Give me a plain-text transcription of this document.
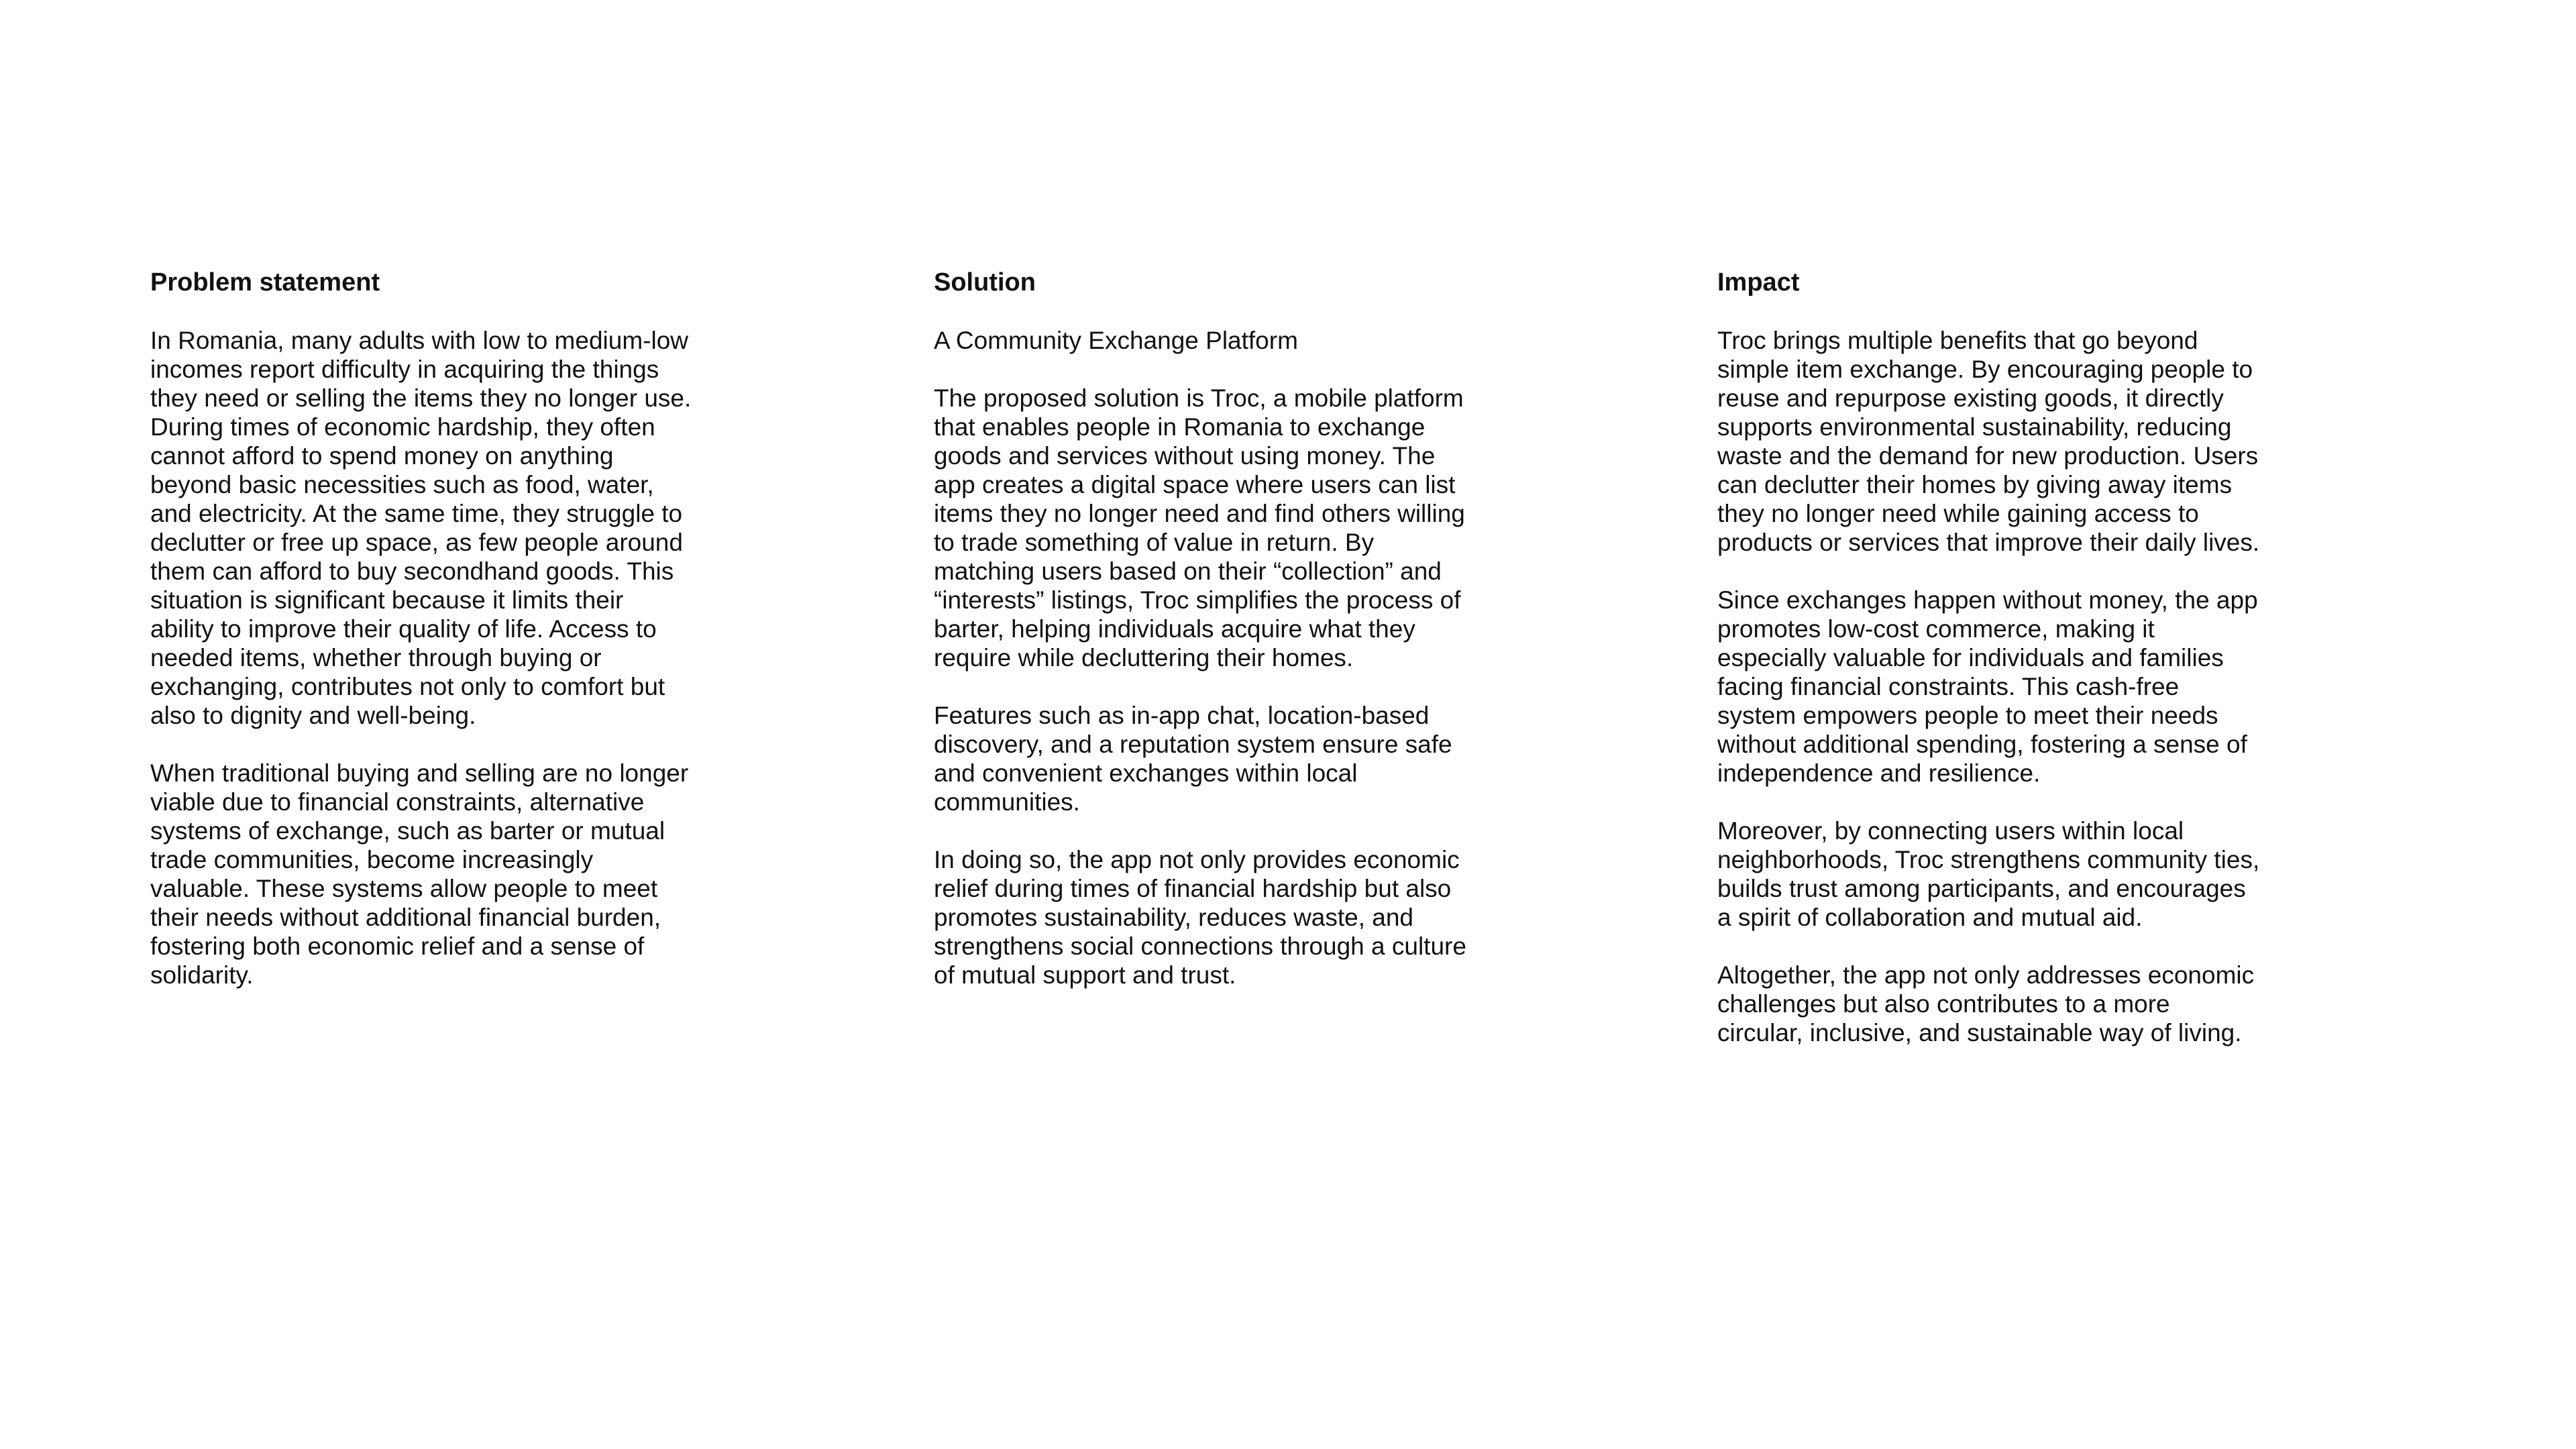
Problem statement

In Romania, many adults with low to medium-low
incomes report difficulty in acquiring the things
they need or selling the items they no longer use.
During times of economic hardship, they often
cannot afford to spend money on anything
beyond basic necessities such as food, water,
and electricity. At the same time, they struggle to
declutter or free up space, as few people around
them can afford to buy secondhand goods. This
situation is significant because it limits their
ability to improve their quality of life. Access to
needed items, whether through buying or
exchanging, contributes not only to comfort but
also to dignity and well-being.

When traditional buying and selling are no longer
viable due to financial constraints, alternative
systems of exchange, such as barter or mutual
trade communities, become increasingly
valuable. These systems allow people to meet
their needs without additional financial burden,
fostering both economic relief and a sense of
solidarity.

Solution

A Community Exchange Platform

The proposed solution is Troc, a mobile platform
that enables people in Romania to exchange
goods and services without using money. The
app creates a digital space where users can list
items they no longer need and find others willing
to trade something of value in return. By
matching users based on their “collection” and
“interests” listings, Troc simplifies the process of
barter, helping individuals acquire what they
require while decluttering their homes.

Features such as in-app chat, location-based
discovery, and a reputation system ensure safe
and convenient exchanges within local
communities.

In doing so, the app not only provides economic
relief during times of financial hardship but also
promotes sustainability, reduces waste, and
strengthens social connections through a culture
of mutual support and trust.

Impact

Troc brings multiple benefits that go beyond
simple item exchange. By encouraging people to
reuse and repurpose existing goods, it directly
supports environmental sustainability, reducing
waste and the demand for new production. Users
can declutter their homes by giving away items
they no longer need while gaining access to
products or services that improve their daily lives.

Since exchanges happen without money, the app
promotes low-cost commerce, making it
especially valuable for individuals and families
facing financial constraints. This cash-free
system empowers people to meet their needs
without additional spending, fostering a sense of
independence and resilience.

Moreover, by connecting users within local
neighborhoods, Troc strengthens community ties,
builds trust among participants, and encourages
a spirit of collaboration and mutual aid.

Altogether, the app not only addresses economic
challenges but also contributes to a more
circular, inclusive, and sustainable way of living.
